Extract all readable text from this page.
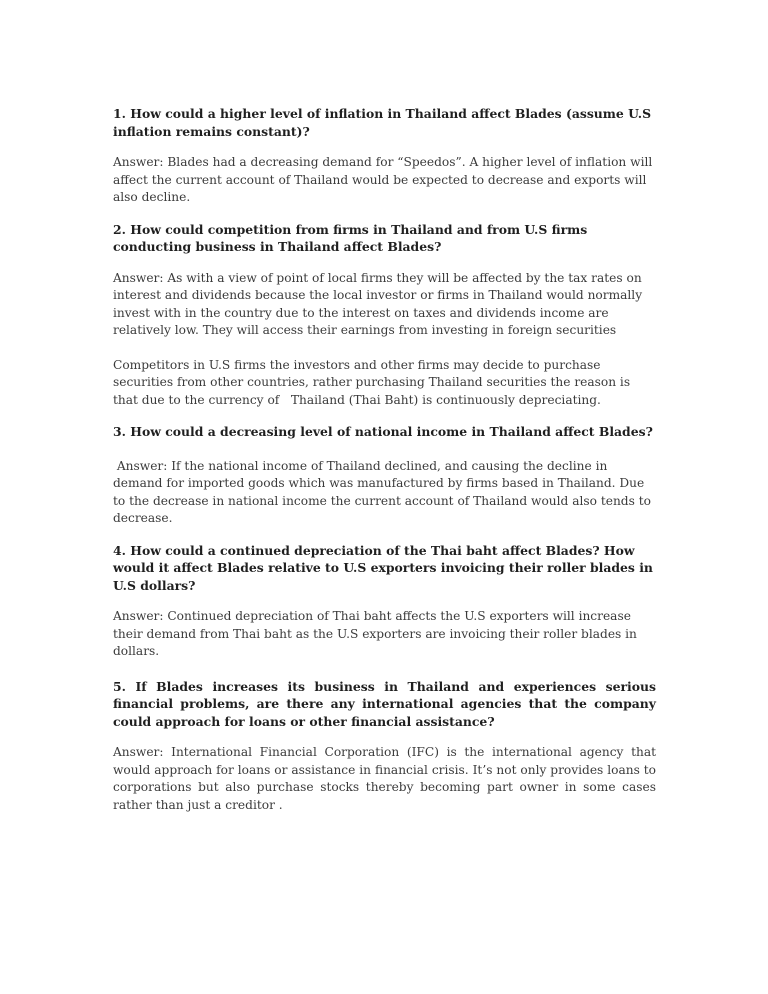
1. How could a higher level of inflation in Thailand affect Blades (assume U.S inflation remains constant)?

Answer: Blades had a decreasing demand for “Speedos”. A higher level of inflation will affect the current account of Thailand would be expected to decrease and exports will also decline.

2. How could competition from firms in Thailand and from U.S firms conducting business in Thailand affect Blades?

Answer: As with a view of point of local firms they will be affected by the tax rates on interest and dividends because the local investor or firms in Thailand would normally invest with in the country due to the interest on taxes and dividends income are relatively low. They will access their earnings from investing in foreign securities

Competitors in U.S firms the investors and other firms may decide to purchase securities from other countries, rather purchasing Thailand securities the reason is that due to the currency of   Thailand (Thai Baht) is continuously depreciating.

3. How could a decreasing level of national income in Thailand affect Blades?

Answer: If the national income of Thailand declined, and causing the decline in demand for imported goods which was manufactured by firms based in Thailand. Due to the decrease in national income the current account of Thailand would also tends to decrease.

4. How could a continued depreciation of the Thai baht affect Blades? How would it affect Blades relative to U.S exporters invoicing their roller blades in U.S dollars?

Answer: Continued depreciation of Thai baht affects the U.S exporters will increase their demand from Thai baht as the U.S exporters are invoicing their roller blades in dollars.

5. If Blades increases its business in Thailand and experiences serious financial problems, are there any international agencies that the company could approach for loans or other financial assistance?

Answer: International Financial Corporation (IFC) is the international agency that would approach for loans or assistance in financial crisis. It’s not only provides loans to corporations but also purchase stocks thereby becoming part owner in some cases rather than just a creditor .
